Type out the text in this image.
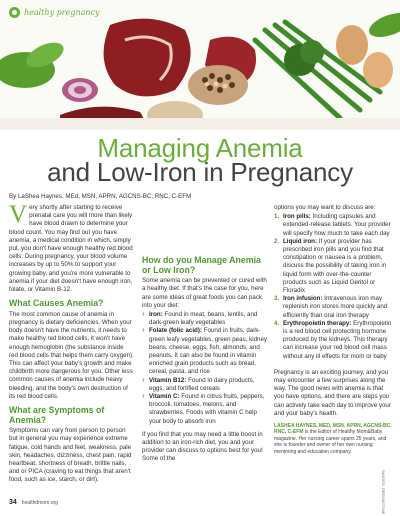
healthy pregnancy
Managing Anemia
and Low-Iron in Pregnancy
By LaShea Haynes, MEd, MSN, APRN, AGCNS-BC, RNC, C-EFM

Very shortly after starting to receive prenatal care you will more than likely have blood drawn to determine your blood count. You may find out you have anemia, a medical condition in which, simply put, you don't have enough healthy red blood cells. During pregnancy, your blood volume increases by up to 50% to support your growing baby, and you're more vulnerable to anemia if your diet doesn't have enough iron, folate, or Vitamin B-12.

What Causes Anemia?

The most common cause of anemia in pregnancy is dietary deficiencies. When your body doesn't have the nutrients, it needs to make healthy red blood cells, it won't have enough hemoglobin (the substance inside red blood cells that helps them carry oxygen). This can affect your baby's growth and make childbirth more dangerous for you. Other less common causes of anemia include heavy bleeding, and the body's own destruction of its red blood cells.

What are Symptoms of Anemia?

Symptoms can vary from person to person but in general you may experience extreme fatigue, cold hands and feet, weakness, pale skin, headaches, dizziness, chest pain, rapid heartbeat, shortness of breath, brittle nails, and or PICA (craving to eat things that aren't food, such as ice, starch, or dirt).

How do you Manage Anemia or Low Iron?

Some anemia can be prevented or cured with a healthy diet. If that's the case for you, here are some ideas of great foods you can pack into your diet:

› Iron: Found in meat, beans, lentils, and dark-green leafy vegetables
› Folate (folic acid): Found in fruits, dark-green leafy vegetables, green peas, kidney beans, cheese, eggs, fish, almonds, and peanuts. It can also be found in vitamin enriched grain products such as bread, cereal, pasta, and rice
› Vitamin B12: Found in dairy products, eggs, and fortified cereals
› Vitamin C: Found in citrus fruits, peppers, broccoli, tomatoes, melons, and strawberries. Foods with vitamin C help your body to absorb iron

If you find that you may need a little boost in addition to an iron-rich diet, you and your provider can discuss to options best for you! Some of the

options you may want to discuss are:

1. Iron pills: Including capsules and extended-release tablets. Your provider will specify how much to take each day
2. Liquid iron: If your provider has prescribed iron pills and you find that constipation or nausea is a problem, discuss the possibility of taking iron in liquid form with over-the-counter products such as Liquid Geritol or Floradix
3. Iron infusion: Intravenous iron may replenish iron stores more quickly and efficiently than oral iron therapy
4. Erythropoietin therapy: Erythropoietin is a red blood cell protecting hormone produced by the kidneys. This therapy can increase your red blood cell mass without any ill effects for mom or baby

Pregnancy is an exciting journey, and you may encounter a few surprises along the way. The good news with anemia is that you have options, and there are steps you can actively take each day to improve your and your baby's health.

LASHEA HAYNES, MED, MSN, APRN, AGCNS-BC, RNC, C-EFM is the Editor of Healthy Mom&Baby magazine. Her nursing career spans 25 years, and she is founder and owner of her own nursing mentoring and education company.

IMAGES: DREAMSTIME
34 healthdmom.org
